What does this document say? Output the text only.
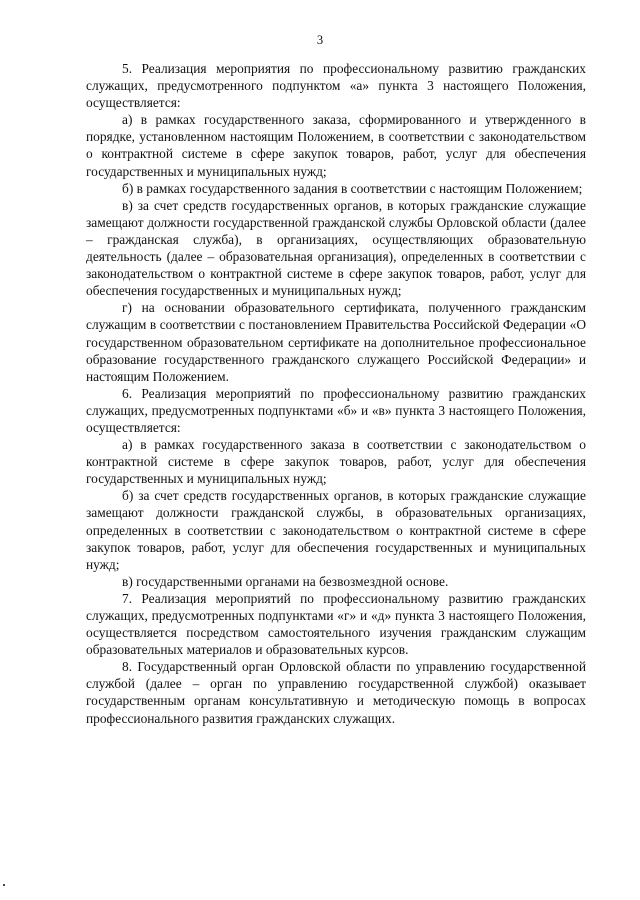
3

5. Реализация мероприятия по профессиональному развитию гражданских служащих, предусмотренного подпунктом «а» пункта 3 настоящего Положения, осуществляется:

а) в рамках государственного заказа, сформированного и утвержденного в порядке, установленном настоящим Положением, в соответствии с законодательством о контрактной системе в сфере закупок товаров, работ, услуг для обеспечения государственных и муниципальных нужд;

б) в рамках государственного задания в соответствии с настоящим Положением;

в) за счет средств государственных органов, в которых гражданские служащие замещают должности государственной гражданской службы Орловской области (далее – гражданская служба), в организациях, осуществляющих образовательную деятельность (далее – образовательная организация), определенных в соответствии с законодательством о контрактной системе в сфере закупок товаров, работ, услуг для обеспечения государственных и муниципальных нужд;

г) на основании образовательного сертификата, полученного гражданским служащим в соответствии с постановлением Правительства Российской Федерации «О государственном образовательном сертификате на дополнительное профессиональное образование государственного гражданского служащего Российской Федерации» и настоящим Положением.

6. Реализация мероприятий по профессиональному развитию гражданских служащих, предусмотренных подпунктами «б» и «в» пункта 3 настоящего Положения, осуществляется:

а) в рамках государственного заказа в соответствии с законодательством о контрактной системе в сфере закупок товаров, работ, услуг для обеспечения государственных и муниципальных нужд;

б) за счет средств государственных органов, в которых гражданские служащие замещают должности гражданской службы, в образовательных организациях, определенных в соответствии с законодательством о контрактной системе в сфере закупок товаров, работ, услуг для обеспечения государственных и муниципальных нужд;

в) государственными органами на безвозмездной основе.

7. Реализация мероприятий по профессиональному развитию гражданских служащих, предусмотренных подпунктами «г» и «д» пункта 3 настоящего Положения, осуществляется посредством самостоятельного изучения гражданским служащим образовательных материалов и образовательных курсов.

8. Государственный орган Орловской области по управлению государственной службой (далее – орган по управлению государственной службой) оказывает государственным органам консультативную и методическую помощь в вопросах профессионального развития гражданских служащих.
